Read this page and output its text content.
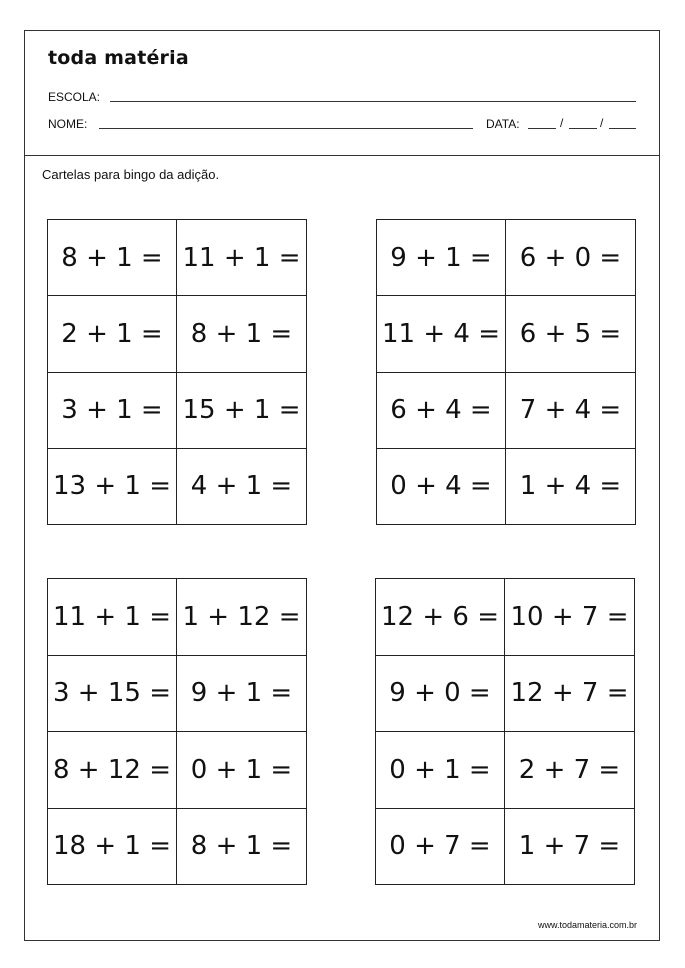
toda matéria
ESCOLA:
NOME:	DATA:	/	/
Cartelas para bingo da adição.
8 + 1 = 11 + 1 =
2 + 1 =	8 + 1 =
3 + 1 = 15 + 1 =
13 + 1 = 4 + 1 =
9 + 1 =	6 + 0 =
11 + 4 = 6 + 5 =
6 + 4 =	7 + 4 =
0 + 4 =	1 + 4 =
11 + 1 = 1 + 12 =
3 + 15 = 9 + 1 =
8 + 12 = 0 + 1 =
18 + 1 = 8 + 1 =
12 + 6 = 10 + 7 =
9 + 0 = 12 + 7 =
0 + 1 =	2 + 7 =
0 + 7 =	1 + 7 =
www.todamateria.com.br
